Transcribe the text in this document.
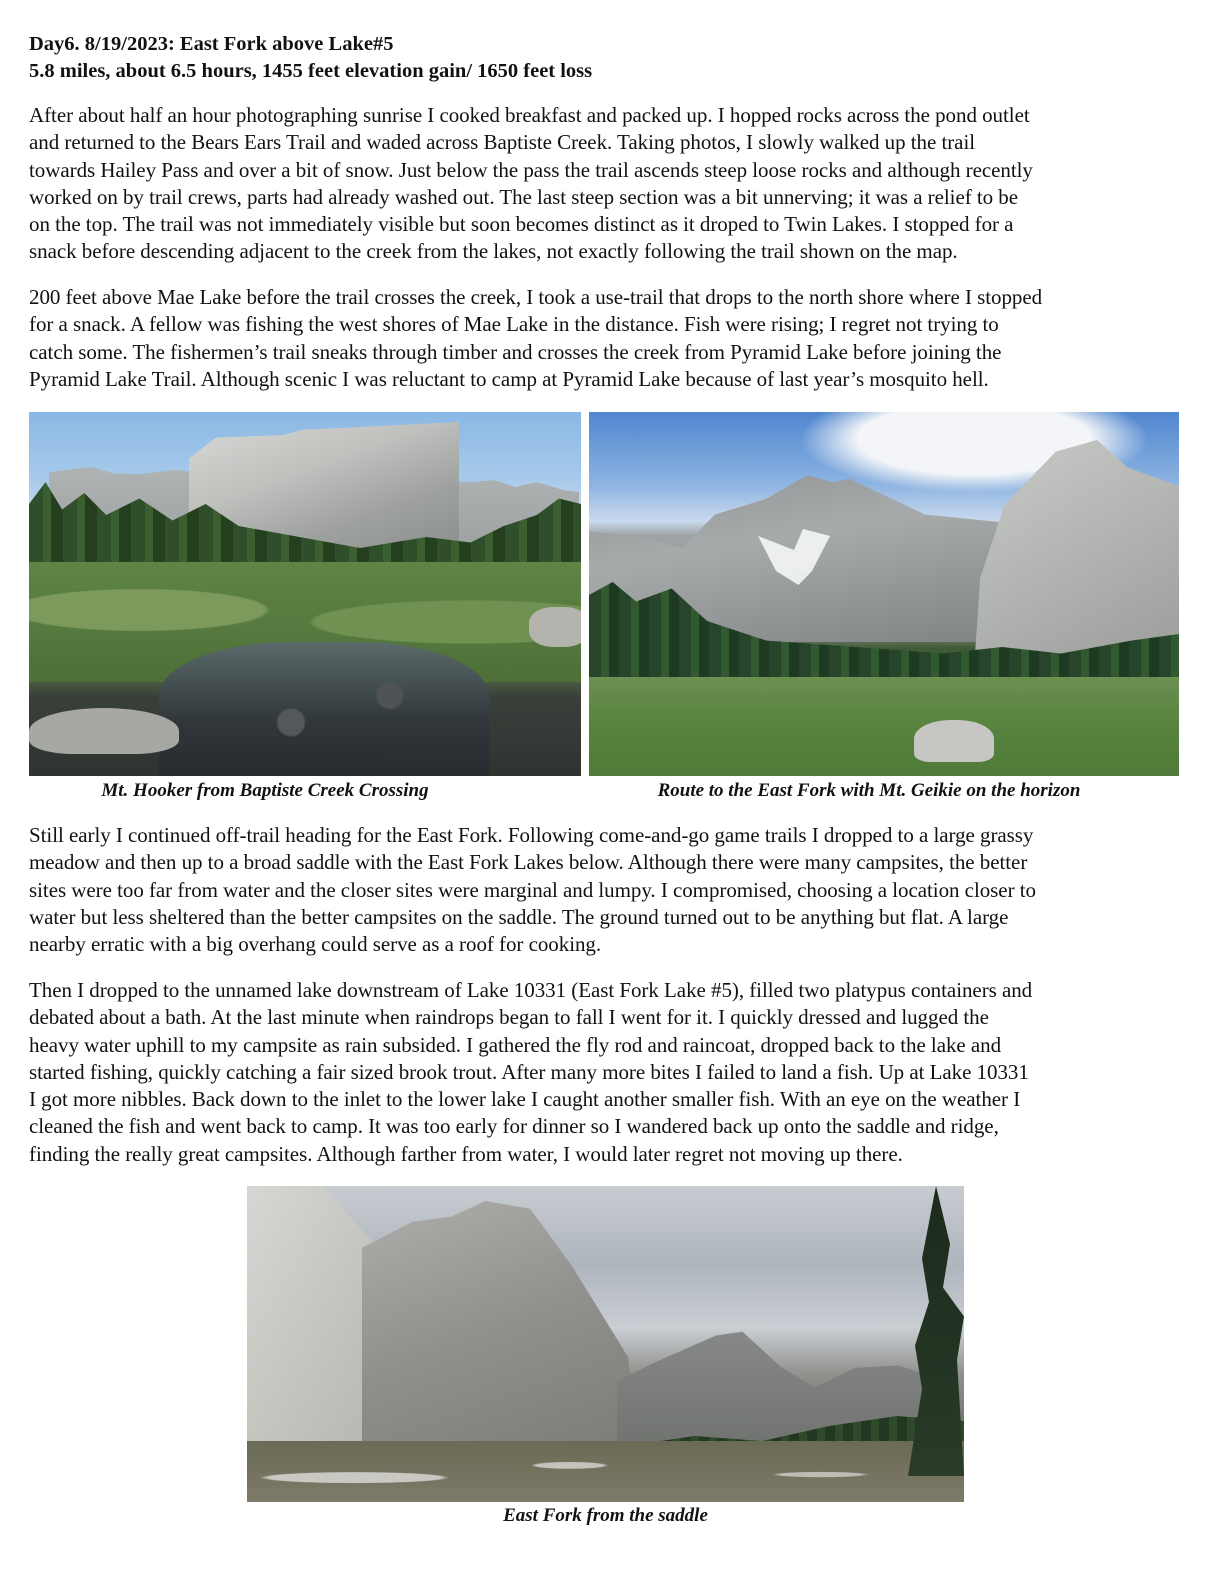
Day6. 8/19/2023: East Fork above Lake#5
5.8 miles, about 6.5 hours, 1455 feet elevation gain/ 1650 feet loss
After about half an hour photographing sunrise I cooked breakfast and packed up. I hopped rocks across the pond outlet
and returned to the Bears Ears Trail and waded across Baptiste Creek. Taking photos, I slowly walked up the trail
towards Hailey Pass and over a bit of snow. Just below the pass the trail ascends steep loose rocks and although recently
worked on by trail crews, parts had already washed out. The last steep section was a bit unnerving; it was a relief to be
on the top. The trail was not immediately visible but soon becomes distinct as it droped to Twin Lakes. I stopped for a
snack before descending adjacent to the creek from the lakes, not exactly following the trail shown on the map.
200 feet above Mae Lake before the trail crosses the creek, I took a use-trail that drops to the north shore where I stopped
for a snack. A fellow was fishing the west shores of Mae Lake in the distance. Fish were rising; I regret not trying to
catch some. The fishermen’s trail sneaks through timber and crosses the creek from Pyramid Lake before joining the
Pyramid Lake Trail. Although scenic I was reluctant to camp at Pyramid Lake because of last year’s mosquito hell.
Mt. Hooker from Baptiste Creek Crossing	Route to the East Fork with Mt. Geikie on the horizon
Still early I continued off-trail heading for the East Fork. Following come-and-go game trails I dropped to a large grassy
meadow and then up to a broad saddle with the East Fork Lakes below. Although there were many campsites, the better
sites were too far from water and the closer sites were marginal and lumpy. I compromised, choosing a location closer to
water but less sheltered than the better campsites on the saddle. The ground turned out to be anything but flat. A large
nearby erratic with a big overhang could serve as a roof for cooking.
Then I dropped to the unnamed lake downstream of Lake 10331 (East Fork Lake #5), filled two platypus containers and
debated about a bath. At the last minute when raindrops began to fall I went for it. I quickly dressed and lugged the
heavy water uphill to my campsite as rain subsided. I gathered the fly rod and raincoat, dropped back to the lake and
started fishing, quickly catching a fair sized brook trout. After many more bites I failed to land a fish. Up at Lake 10331
I got more nibbles. Back down to the inlet to the lower lake I caught another smaller fish. With an eye on the weather I
cleaned the fish and went back to camp. It was too early for dinner so I wandered back up onto the saddle and ridge,
finding the really great campsites. Although farther from water, I would later regret not moving up there.
East Fork from the saddle
